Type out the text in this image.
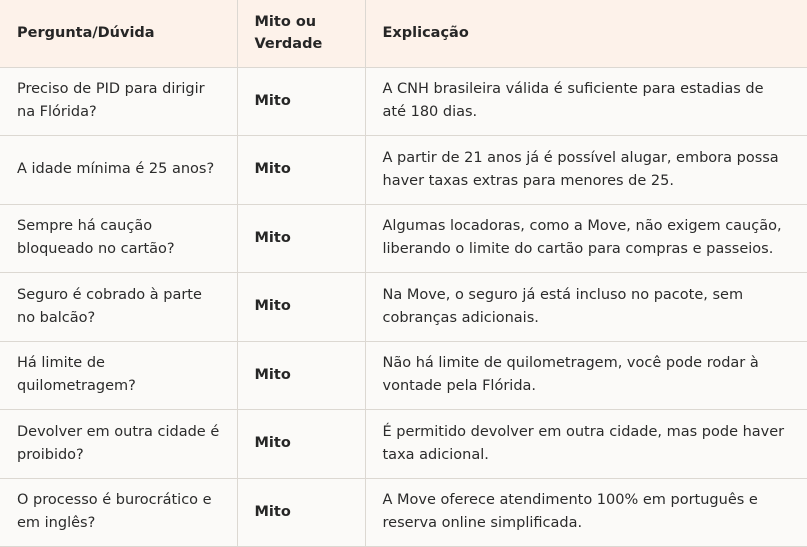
Pergunta/Dúvida	Mito ou Verdade	Explicação
Preciso de PID para dirigir na Flórida?	Mito	A CNH brasileira válida é suficiente para estadias de até 180 dias.
A idade mínima é 25 anos?	Mito	A partir de 21 anos já é possível alugar, embora possa haver taxas extras para menores de 25.
Sempre há caução bloqueado no cartão?	Mito	Algumas locadoras, como a Move, não exigem caução, liberando o limite do cartão para compras e passeios.
Seguro é cobrado à parte no balcão?	Mito	Na Move, o seguro já está incluso no pacote, sem cobranças adicionais.
Há limite de quilometragem?	Mito	Não há limite de quilometragem, você pode rodar à vontade pela Flórida.
Devolver em outra cidade é proibido?	Mito	É permitido devolver em outra cidade, mas pode haver taxa adicional.
O processo é burocrático e em inglês?	Mito	A Move oferece atendimento 100% em português e reserva online simplificada.
